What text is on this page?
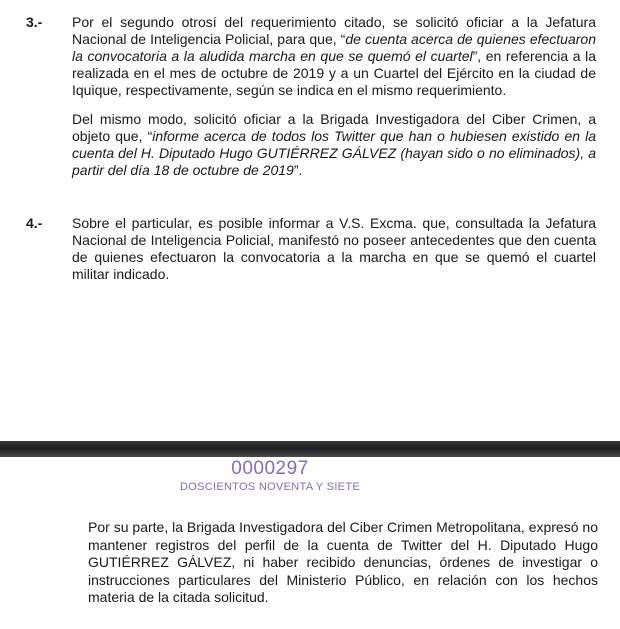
3.-	Por el segundo otrosí del requerimiento citado, se solicitó oficiar a la Jefatura Nacional de Inteligencia Policial, para que, “de cuenta acerca de quienes efectuaron la convocatoria a la aludida marcha en que se quemó el cuartel”, en referencia a la realizada en el mes de octubre de 2019 y a un Cuartel del Ejército en la ciudad de Iquique, respectivamente, según se indica en el mismo requerimiento.

Del mismo modo, solicitó oficiar a la Brigada Investigadora del Ciber Crimen, a objeto que, “informe acerca de todos los Twitter que han o hubiesen existido en la cuenta del H. Diputado Hugo GUTIÉRREZ GÁLVEZ (hayan sido o no eliminados), a partir del día 18 de octubre de 2019”.

4.-	Sobre el particular, es posible informar a V.S. Excma. que, consultada la Jefatura Nacional de Inteligencia Policial, manifestó no poseer antecedentes que den cuenta de quienes efectuaron la convocatoria a la marcha en que se quemó el cuartel militar indicado.

0000297
DOSCIENTOS NOVENTA Y SIETE

Por su parte, la Brigada Investigadora del Ciber Crimen Metropolitana, expresó no mantener registros del perfil de la cuenta de Twitter del H. Diputado Hugo GUTIÉRREZ GÁLVEZ, ni haber recibido denuncias, órdenes de investigar o instrucciones particulares del Ministerio Público, en relación con los hechos materia de la citada solicitud.
